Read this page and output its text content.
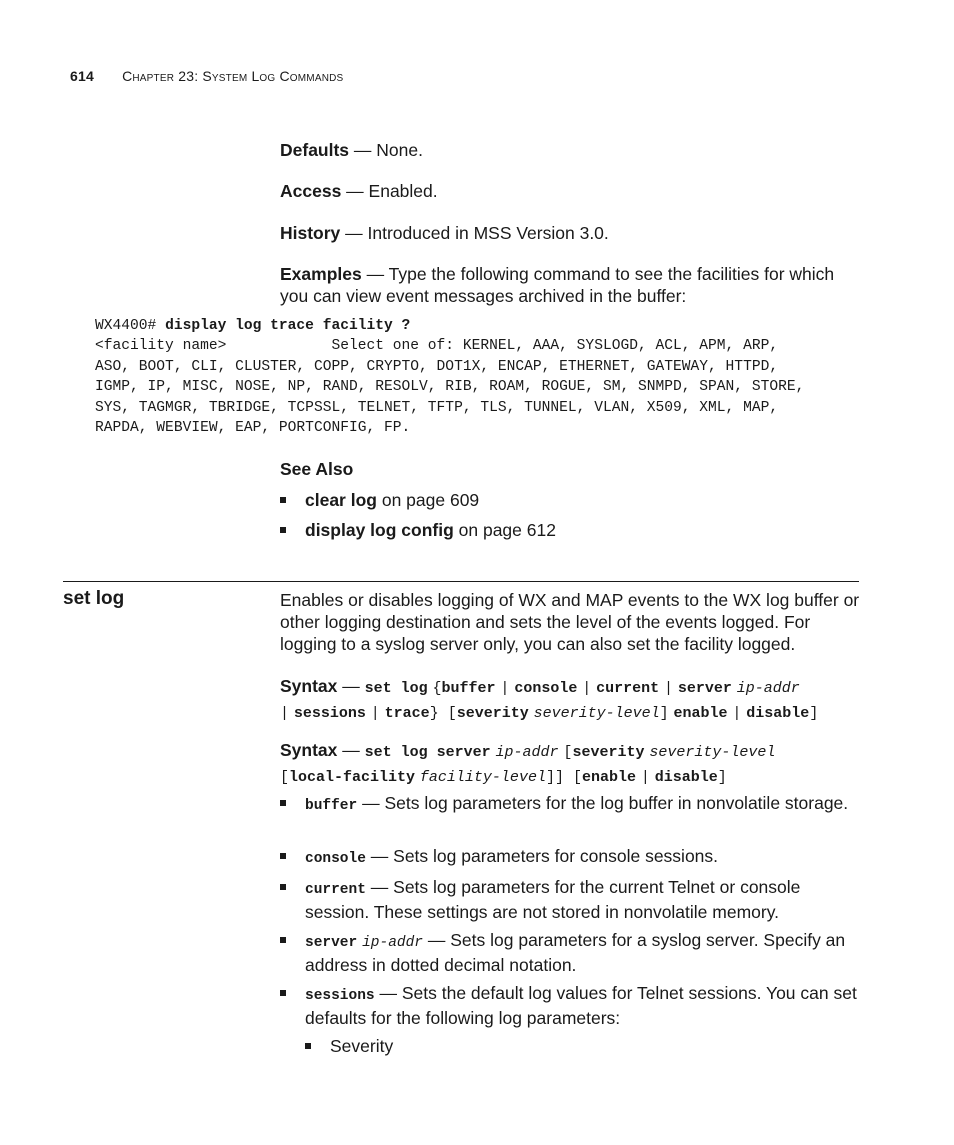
614 Chapter 23: System Log Commands
Defaults — None.
Access — Enabled.
History — Introduced in MSS Version 3.0.
Examples — Type the following command to see the facilities for which you can view event messages archived in the buffer:
WX4400# display log trace facility ?
<facility name>            Select one of: KERNEL, AAA, SYSLOGD, ACL, APM, ARP,
ASO, BOOT, CLI, CLUSTER, COPP, CRYPTO, DOT1X, ENCAP, ETHERNET, GATEWAY, HTTPD,
IGMP, IP, MISC, NOSE, NP, RAND, RESOLV, RIB, ROAM, ROGUE, SM, SNMPD, SPAN, STORE,
SYS, TAGMGR, TBRIDGE, TCPSSL, TELNET, TFTP, TLS, TUNNEL, VLAN, X509, XML, MAP,
RAPDA, WEBVIEW, EAP, PORTCONFIG, FP.
See Also
clear log on page 609
display log config on page 612
set log	Enables or disables logging of WX and MAP events to the WX log buffer or other logging destination and sets the level of the events logged. For logging to a syslog server only, you can also set the facility logged.
Syntax — set log {buffer | console | current | server ip-addr
| sessions | trace} [severity severity-level] enable | disable]
Syntax — set log server ip-addr [severity severity-level
[local-facility facility-level]] [enable | disable]
buffer — Sets log parameters for the log buffer in nonvolatile storage.
console — Sets log parameters for console sessions.
current — Sets log parameters for the current Telnet or console session. These settings are not stored in nonvolatile memory.
server ip-addr — Sets log parameters for a syslog server. Specify an address in dotted decimal notation.
sessions — Sets the default log values for Telnet sessions. You can set defaults for the following log parameters:
Severity
